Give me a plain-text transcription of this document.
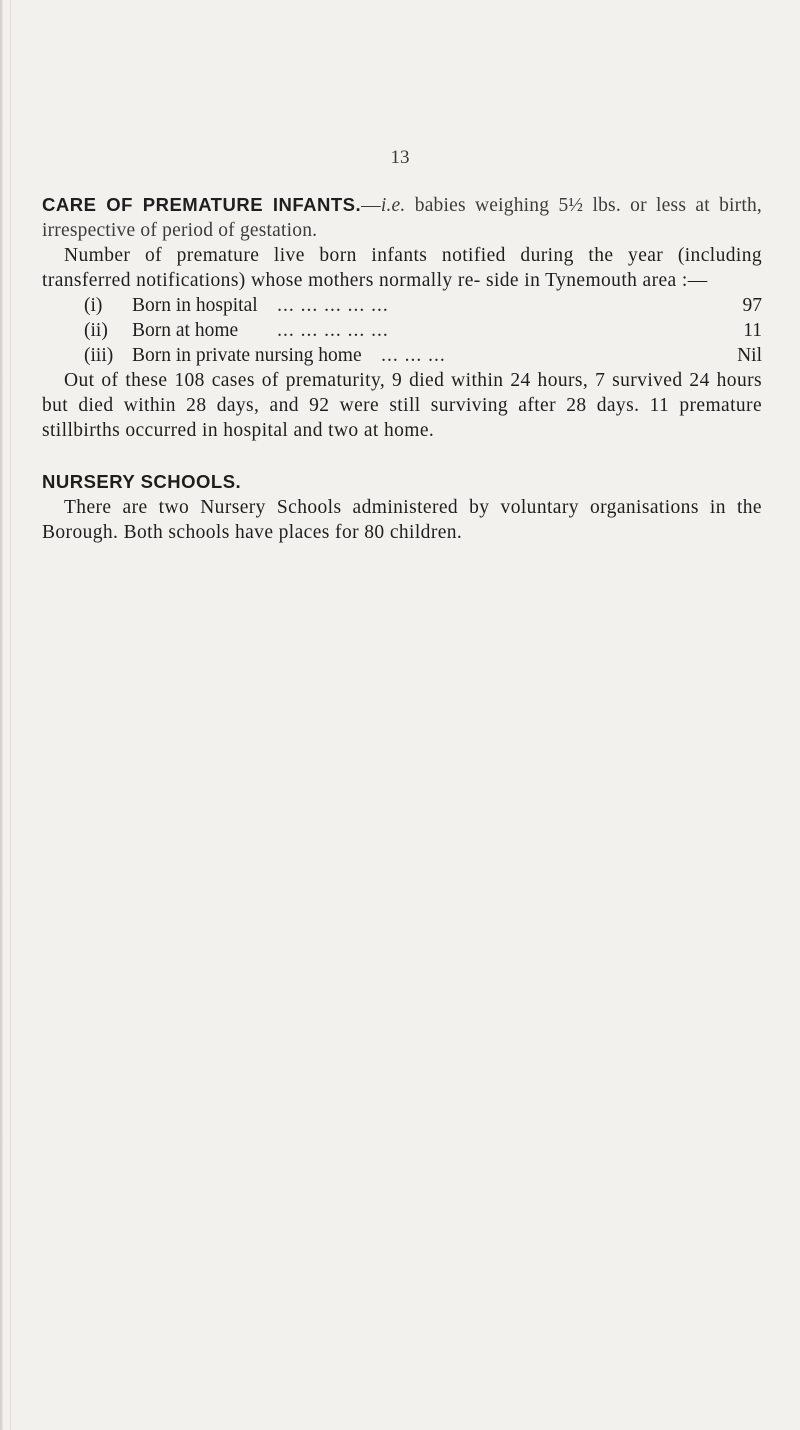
13

CARE OF PREMATURE INFANTS.—i.e. babies weighing 5½ lbs. or less at birth, irrespective of period of gestation.

Number of premature live born infants notified during the year (including transferred notifications) whose mothers normally re- side in Tynemouth area :—

(i)	Born in hospital ... ... ... ... ...	97
(ii)	Born at home ... ... ... ... ...	11
(iii) Born in private nursing home ... ... ...	Nil

Out of these 108 cases of prematurity, 9 died within 24 hours, 7 survived 24 hours but died within 28 days, and 92 were still surviving after 28 days. 11 premature stillbirths occurred in hospital and two at home.

NURSERY SCHOOLS.

There are two Nursery Schools administered by voluntary organisations in the Borough. Both schools have places for 80 children.
